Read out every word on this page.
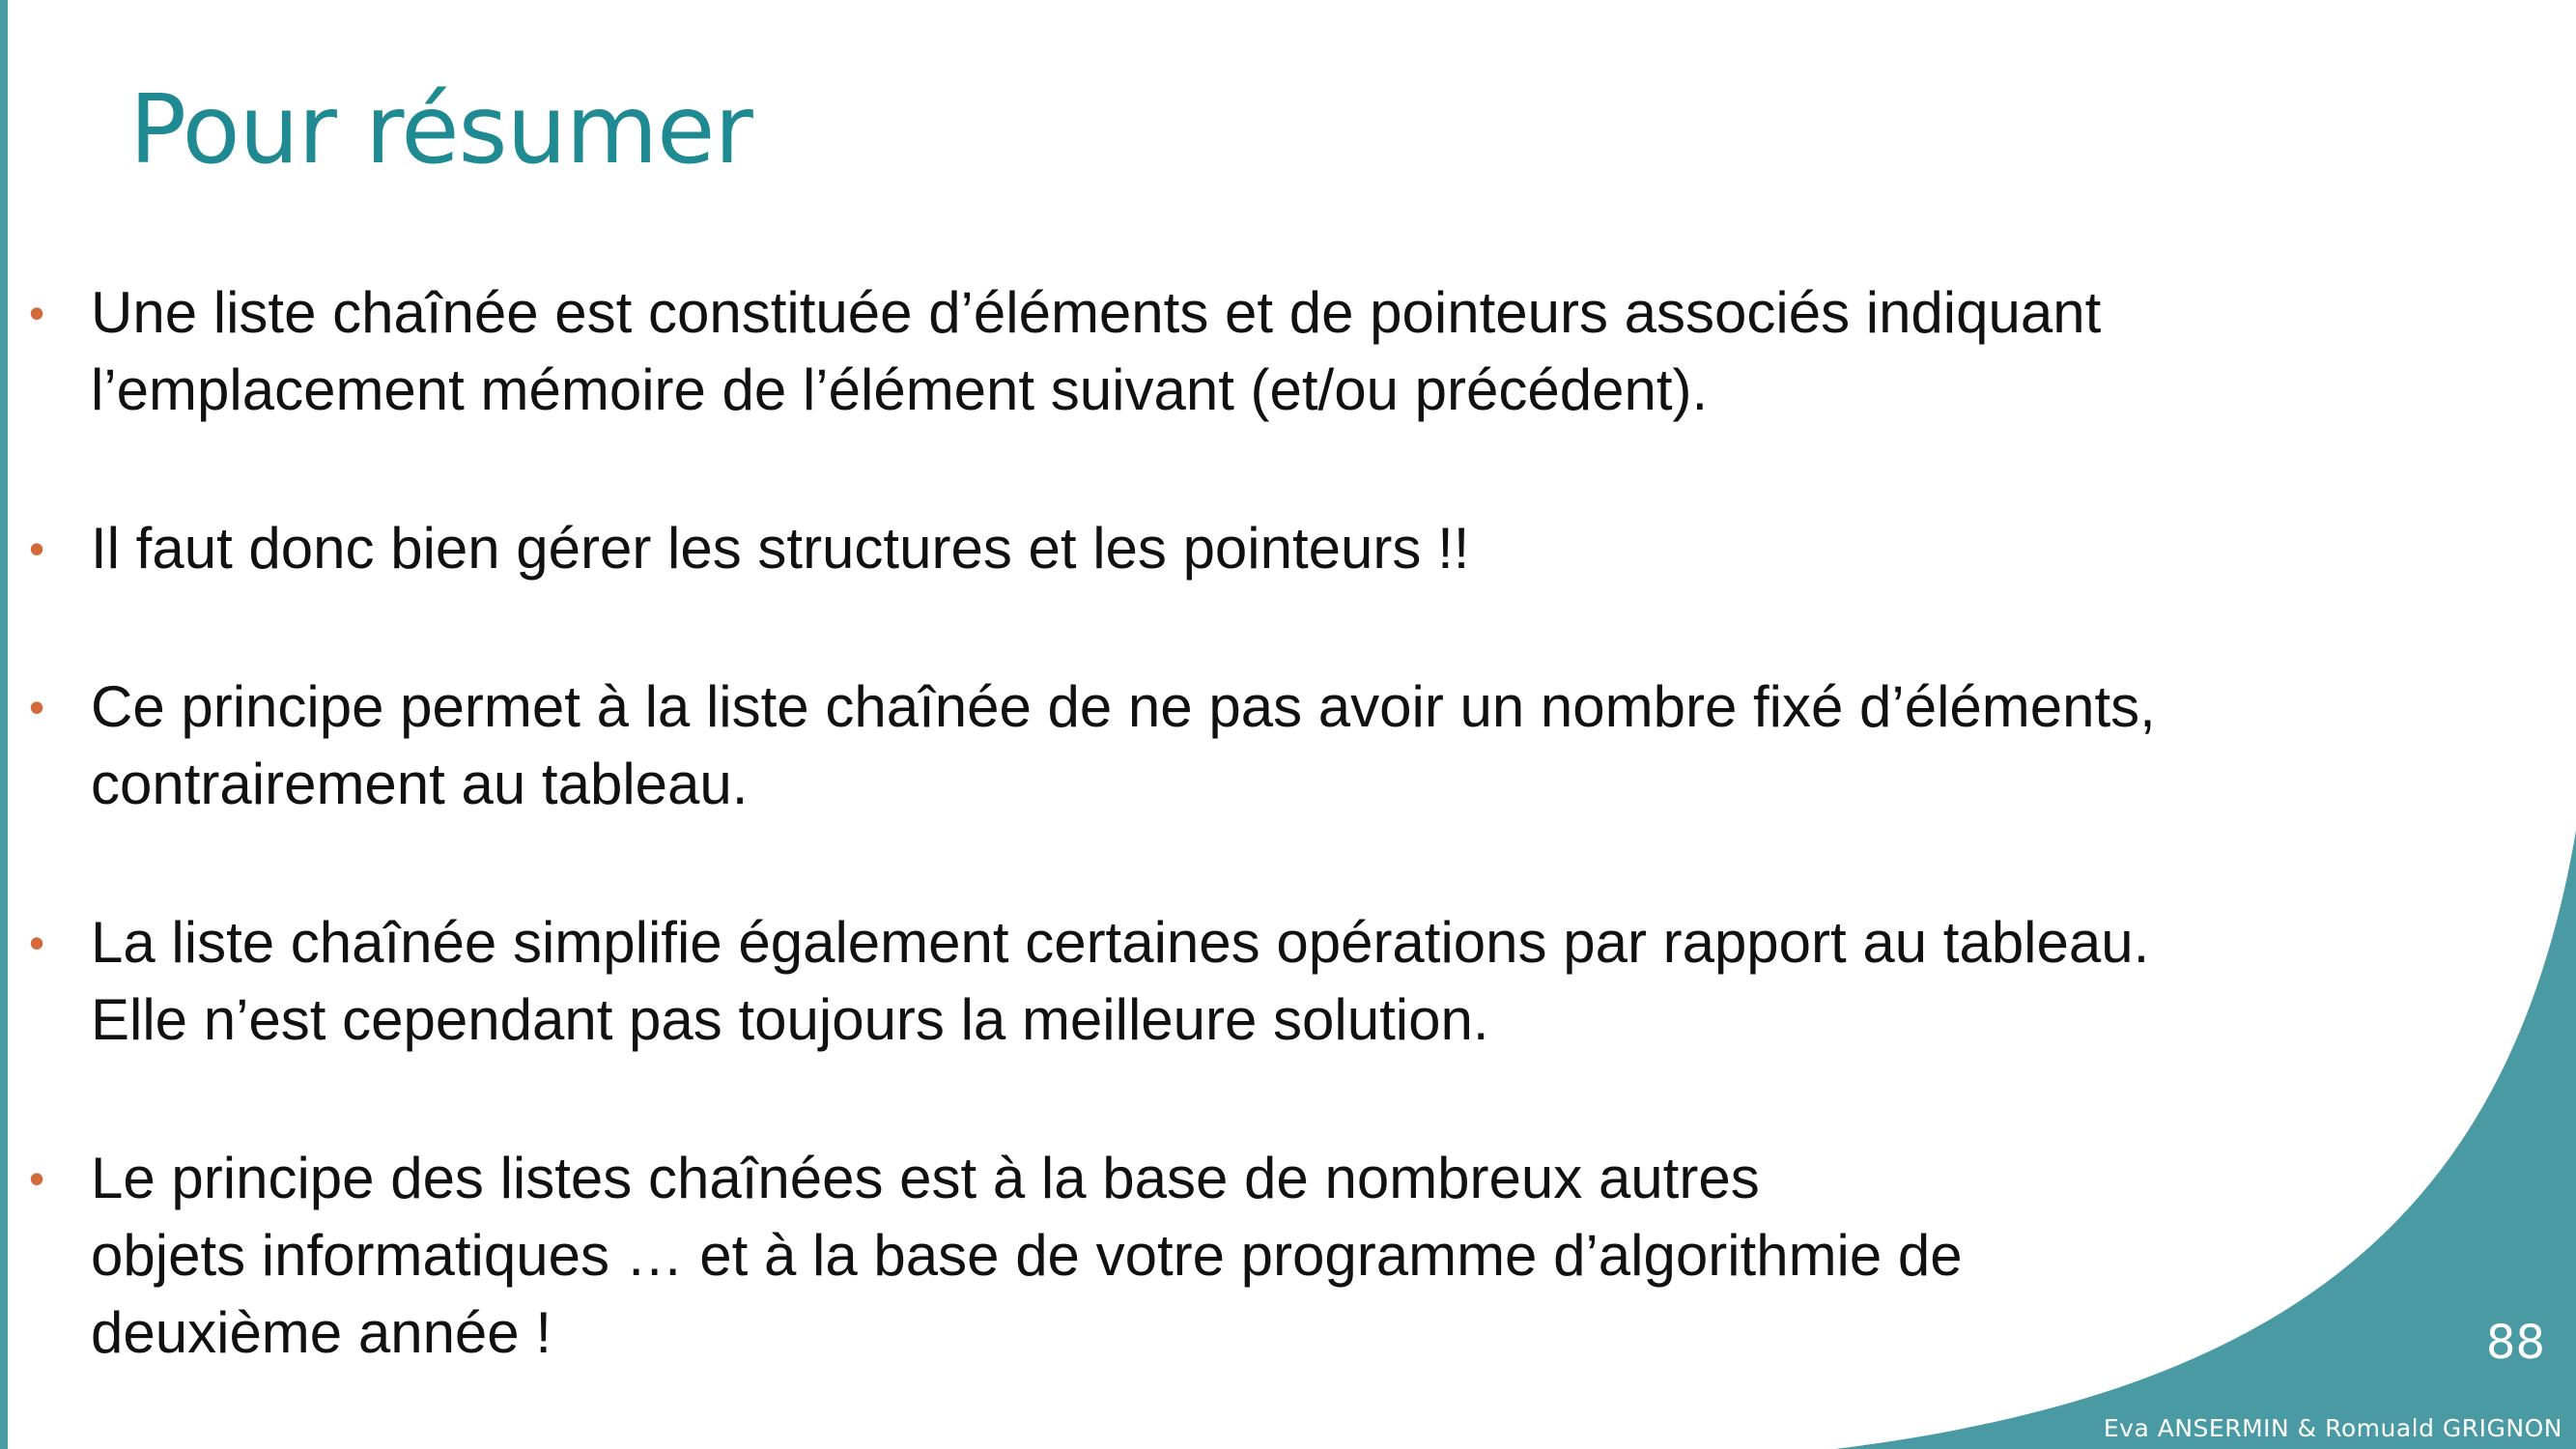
Pour résumer
• Une liste chaînée est constituée d’éléments et de pointeurs associés indiquant
l’emplacement mémoire de l’élément suivant (et/ou précédent).
• Il faut donc bien gérer les structures et les pointeurs !!
• Ce principe permet à la liste chaînée de ne pas avoir un nombre fixé d’éléments,
contrairement au tableau.
• La liste chaînée simplifie également certaines opérations par rapport au tableau.
Elle n’est cependant pas toujours la meilleure solution.
• Le principe des listes chaînées est à la base de nombreux autres
objets informatiques … et à la base de votre programme d’algorithmie de
deuxième année !	88
Eva ANSERMIN & Romuald GRIGNON
